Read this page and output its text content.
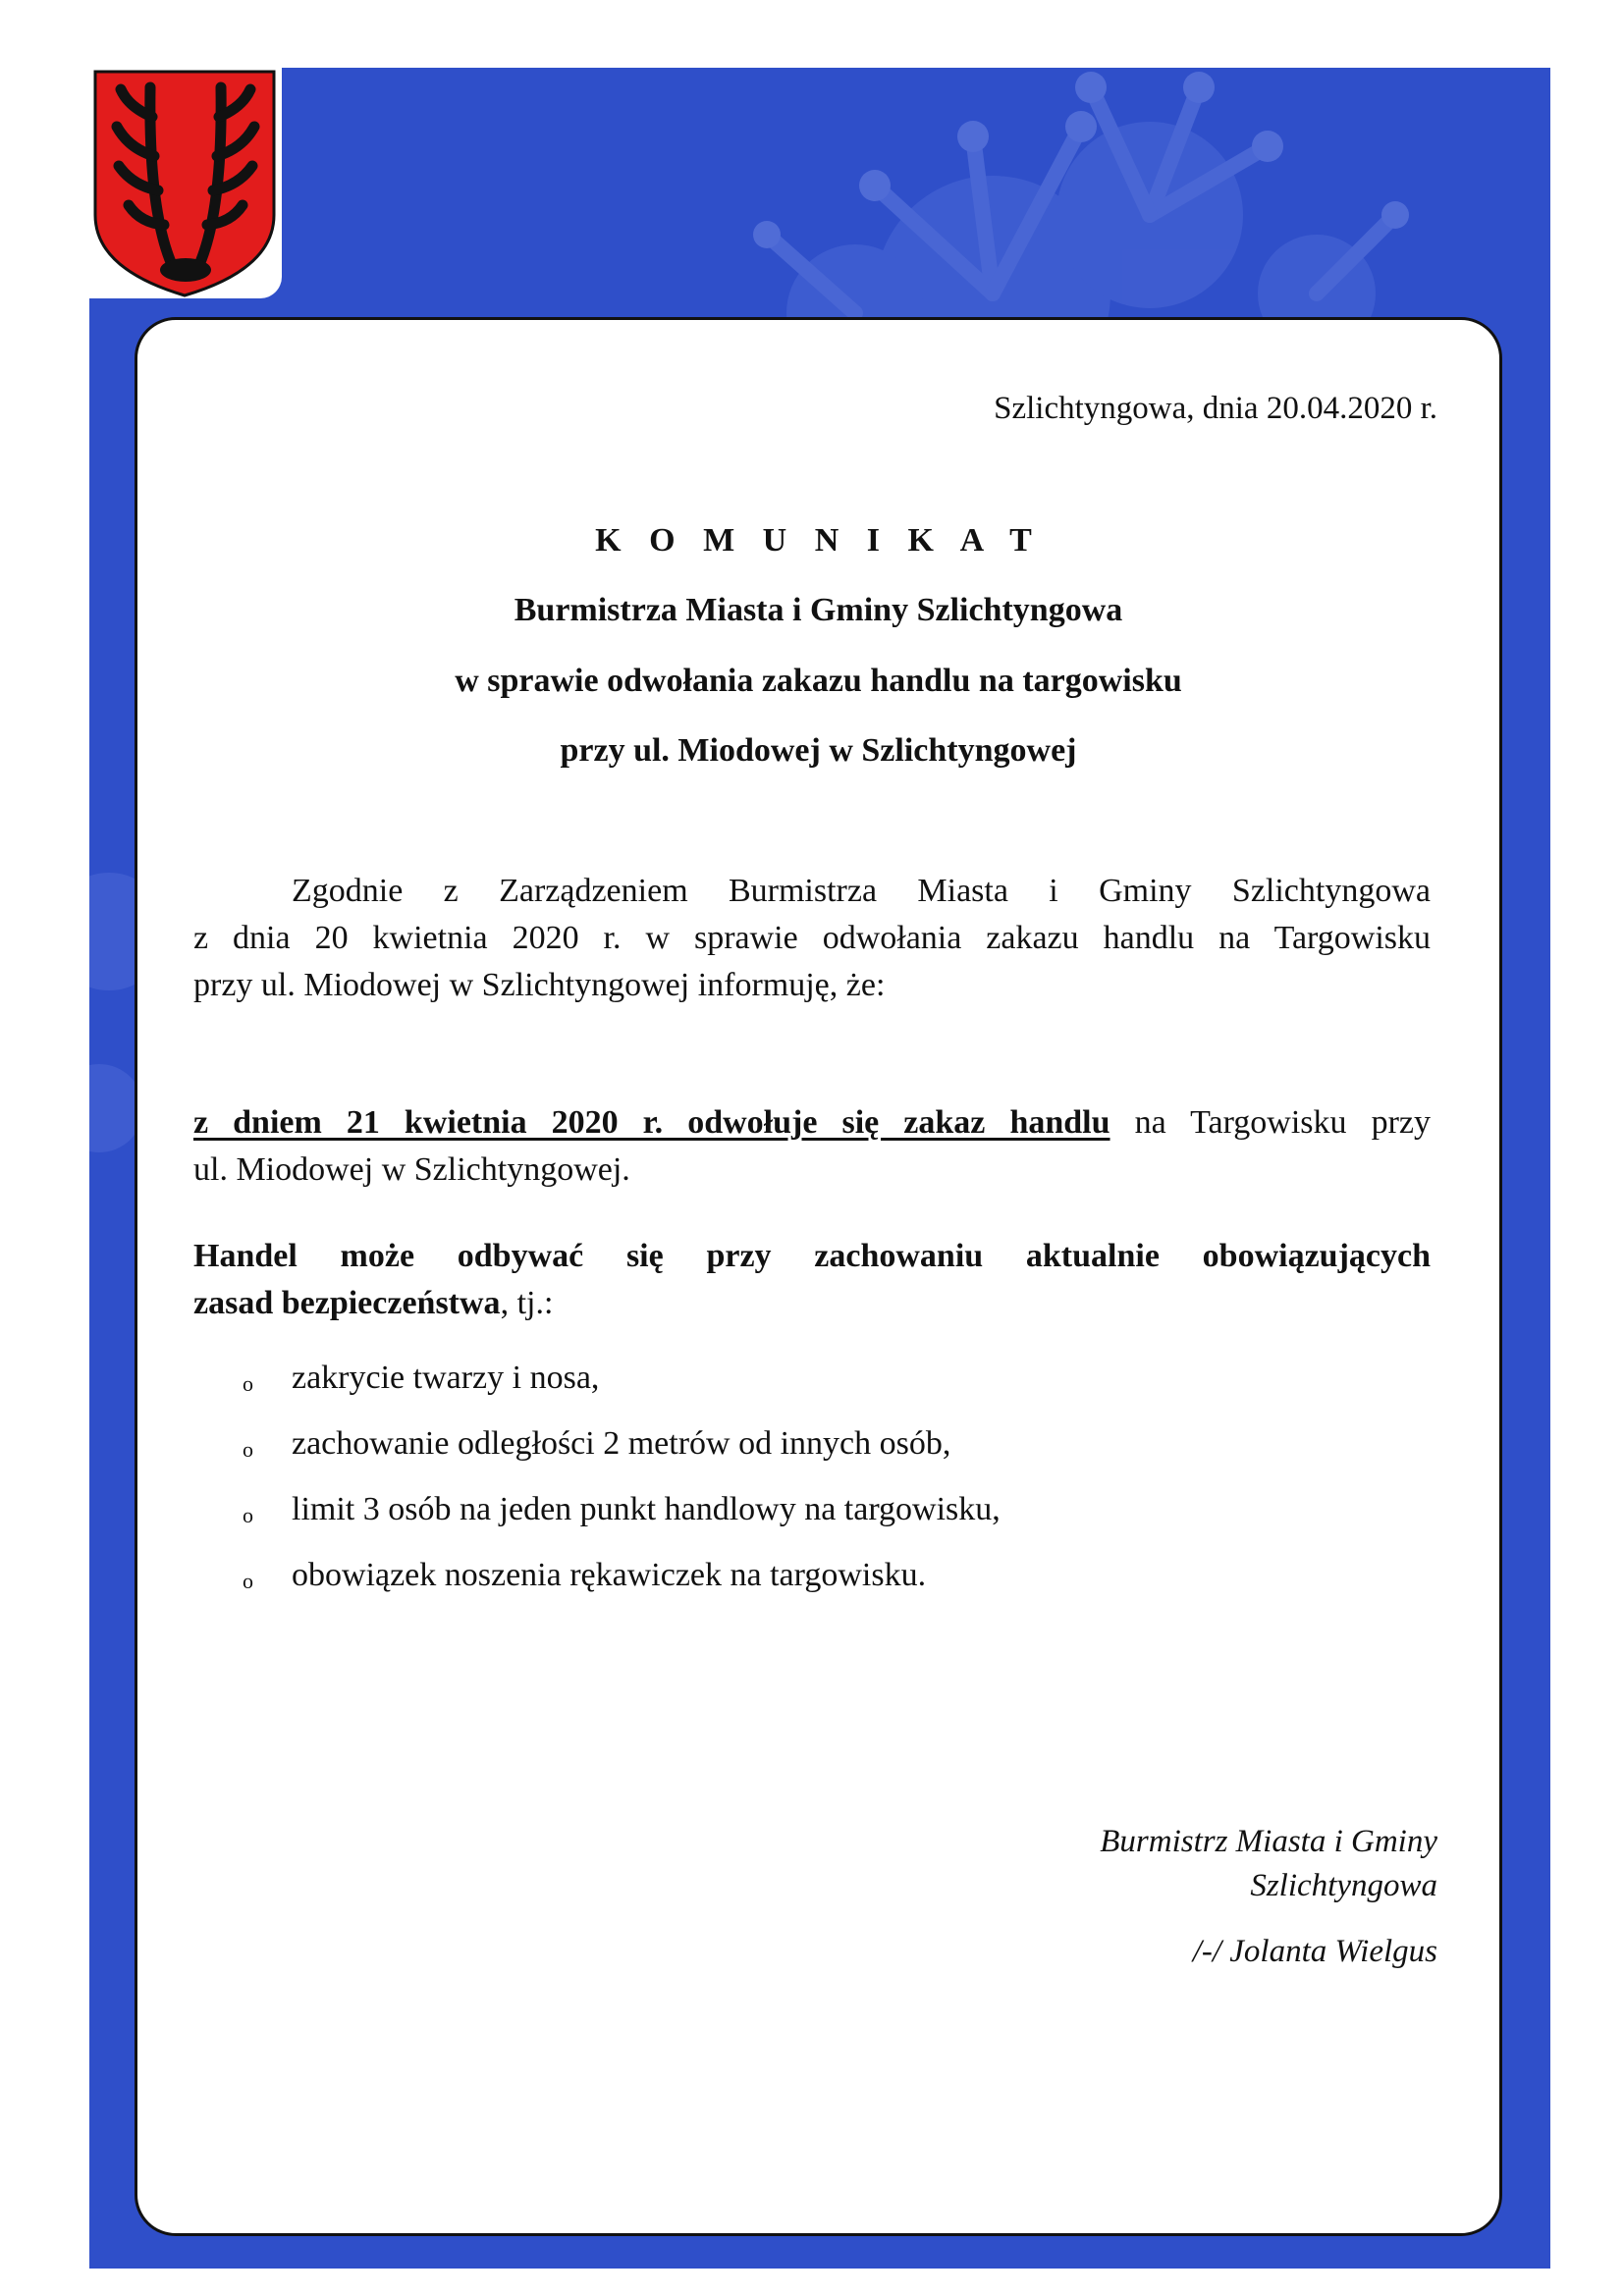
Szlichtyngowa, dnia 20.04.2020 r.
K O M U N I K A T
Burmistrza Miasta i Gminy Szlichtyngowa
w sprawie odwołania zakazu handlu na targowisku
przy ul. Miodowej w Szlichtyngowej
Zgodnie z Zarządzeniem Burmistrza Miasta i Gminy Szlichtyngowa
z dnia 20 kwietnia 2020 r. w sprawie odwołania zakazu handlu na Targowisku
przy ul. Miodowej w Szlichtyngowej informuję, że:
z dniem 21 kwietnia 2020 r. odwołuje się zakaz handlu na Targowisku przy
ul. Miodowej w Szlichtyngowej.
Handel może odbywać się przy zachowaniu aktualnie obowiązujących
zasad bezpieczeństwa, tj.:
o zakrycie twarzy i nosa,
o zachowanie odległości 2 metrów od innych osób,
o limit 3 osób na jeden punkt handlowy na targowisku,
o obowiązek noszenia rękawiczek na targowisku.
Burmistrz Miasta i Gminy
Szlichtyngowa
/-/ Jolanta Wielgus
